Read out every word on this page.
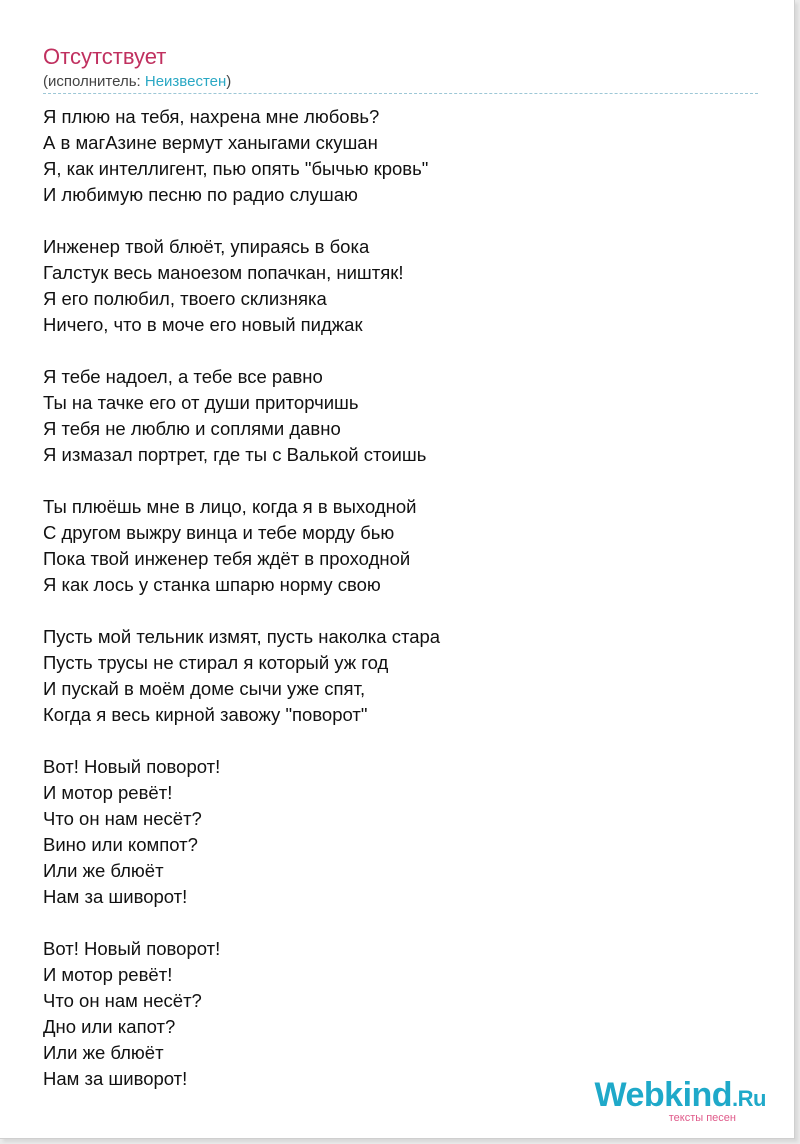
Отсутствует
(исполнитель: Неизвестен)
Я плюю на тебя, нахрена мне любовь?
А в магАзине вермут ханыгами скушан
Я, как интеллигент, пью опять "бычью кровь"
И любимую песню по радио слушаю
Инженер твой блюёт, упираясь в бока
Галстук весь маноезом попачкан, ништяк!
Я его полюбил, твоего склизняка
Ничего, что в моче его новый пиджак
Я тебе надоел, а тебе все равно
Ты на тачке его от души приторчишь
Я тебя не люблю и соплями давно
Я измазал портрет, где ты с Валькой стоишь
Ты плюёшь мне в лицо, когда я в выходной
С другом выжру винца и тебе морду бью
Пока твой инженер тебя ждёт в проходной
Я как лось у станка шпарю норму свою
Пусть мой тельник измят, пусть наколка стара
Пусть трусы не стирал я который уж год
И пускай в моём доме сычи уже спят,
Когда я весь кирной завожу "поворот"
Вот! Новый поворот!
И мотор ревёт!
Что он нам несёт?
Вино или компот?
Или же блюёт
Нам за шиворот!
Вот! Новый поворот!
И мотор ревёт!
Что он нам несёт?
Дно или капот?
Или же блюёт
Нам за шиворот!	Webkind.Ru
тексты песен
